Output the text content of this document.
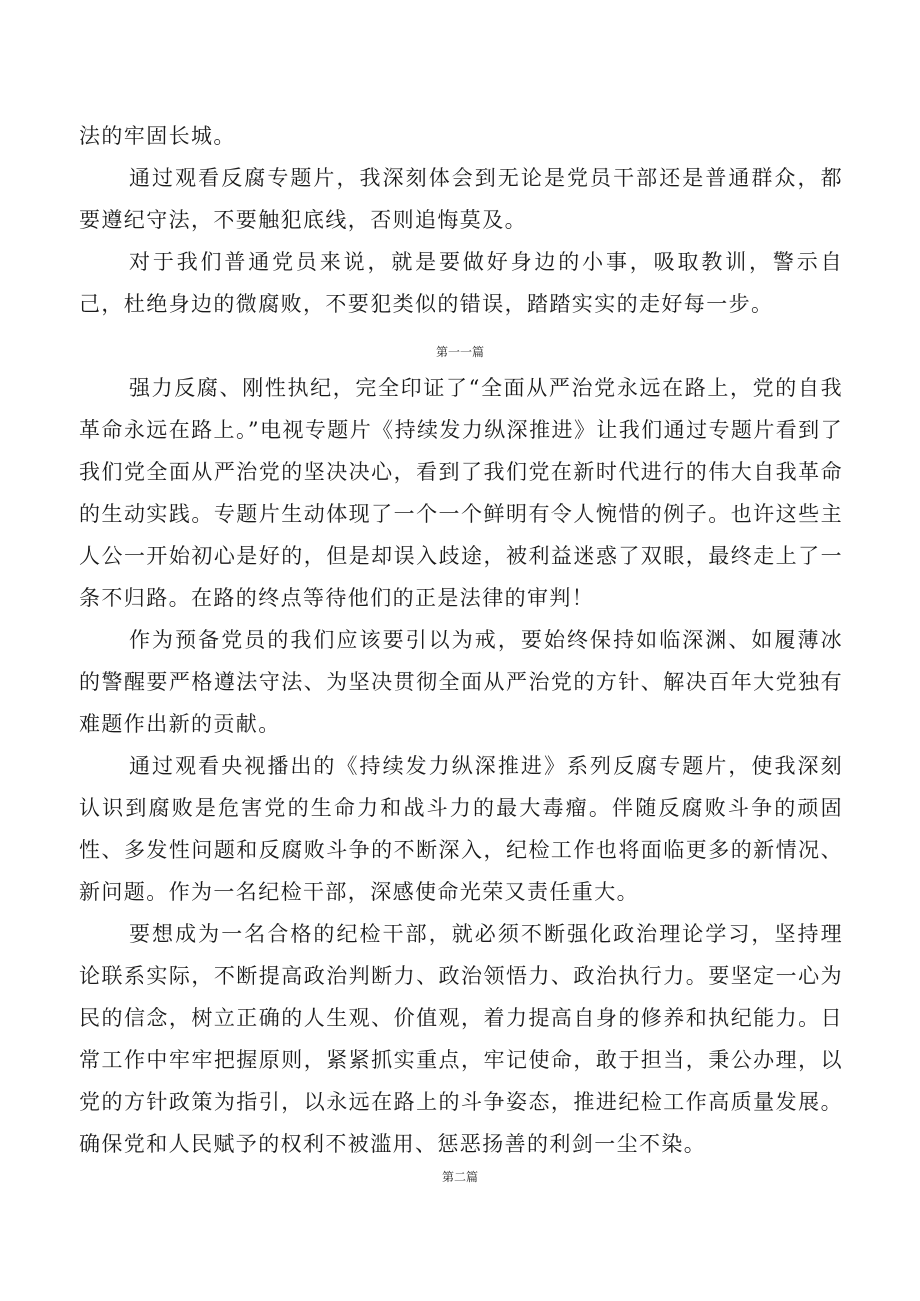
法的牢固长城。

通过观看反腐专题片，我深刻体会到无论是党员干部还是普通群众，都要遵纪守法，不要触犯底线，否则追悔莫及。

对于我们普通党员来说，就是要做好身边的小事，吸取教训，警示自己，杜绝身边的微腐败，不要犯类似的错误，踏踏实实的走好每一步。

第一一篇

强力反腐、刚性执纪，完全印证了“全面从严治党永远在路上，党的自我革命永远在路上。”电视专题片《持续发力纵深推进》让我们通过专题片看到了我们党全面从严治党的坚决决心，看到了我们党在新时代进行的伟大自我革命的生动实践。专题片生动体现了一个一个鲜明有令人惋惜的例子。也许这些主人公一开始初心是好的，但是却误入歧途，被利益迷惑了双眼，最终走上了一条不归路。在路的终点等待他们的正是法律的审判！

作为预备党员的我们应该要引以为戒，要始终保持如临深渊、如履薄冰的警醒要严格遵法守法、为坚决贯彻全面从严治党的方针、解决百年大党独有难题作出新的贡献。

通过观看央视播出的《持续发力纵深推进》系列反腐专题片，使我深刻认识到腐败是危害党的生命力和战斗力的最大毒瘤。伴随反腐败斗争的顽固性、多发性问题和反腐败斗争的不断深入，纪检工作也将面临更多的新情况、新问题。作为一名纪检干部，深感使命光荣又责任重大。

要想成为一名合格的纪检干部，就必须不断强化政治理论学习，坚持理论联系实际，不断提高政治判断力、政治领悟力、政治执行力。要坚定一心为民的信念，树立正确的人生观、价值观，着力提高自身的修养和执纪能力。日常工作中牢牢把握原则，紧紧抓实重点，牢记使命，敢于担当，秉公办理，以党的方针政策为指引，以永远在路上的斗争姿态，推进纪检工作高质量发展。确保党和人民赋予的权利不被滥用、惩恶扬善的利剑一尘不染。

第二篇
